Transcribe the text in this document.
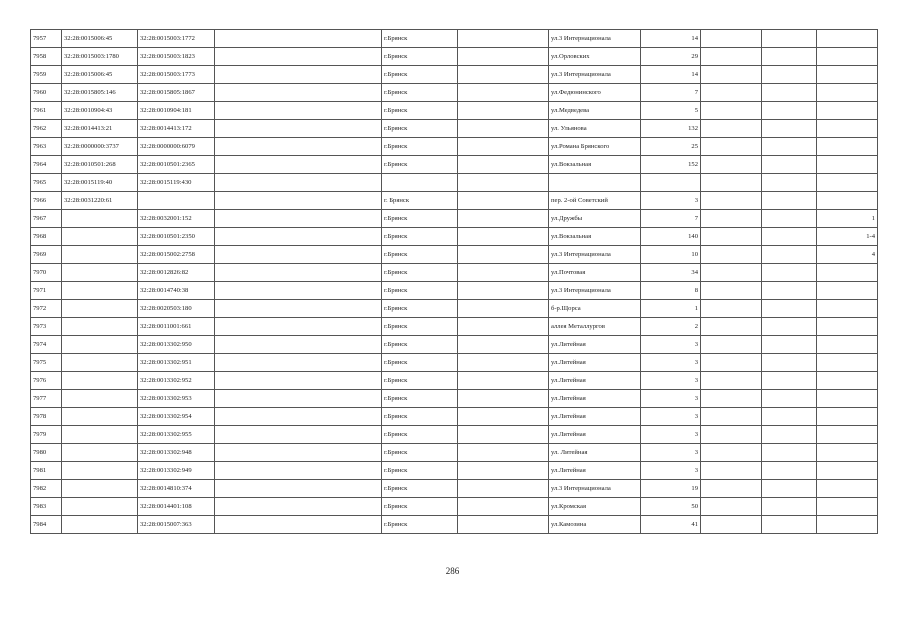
7957	32:28:0015006:45	32:28:0015003:1772		г.Брянск		ул.3 Интернационала	14			
7958	32:28:0015003:1780	32:28:0015003:1823		г.Брянск		ул.Орловских	29			
7959	32:28:0015006:45	32:28:0015003:1773		г.Брянск		ул.3 Интернационала	14			
7960	32:28:0015805:146	32:28:0015805:1867		г.Брянск		ул.Федюнинского	7			
7961	32:28:0010904:43	32:28:0010904:181		г.Брянск		ул.Медведева	5			
7962	32:28:0014413:21	32:28:0014413:172		г.Брянск		ул. Ульянова	132			
7963	32:28:0000000:3737	32:28:0000000:6079		г.Брянск		ул.Романа Брянского	25			
7964	32:28:0010501:268	32:28:0010501:2365		г.Брянск		ул.Вокзальная	152			
7965	32:28:0015119:40	32:28:0015119:430								
7966	32:28:0031220:61			г. Брянск		пер. 2-ой Советский	3			
7967		32:28:0032001:152		г.Брянск		ул.Дружбы	7			1
7968		32:28:0010501:2350		г.Брянск		ул.Вокзальная	140			1-4
7969		32:28:0015002:2758		г.Брянск		ул.3 Интернационала	10			4
7970		32:28:0012826:82		г.Брянск		ул.Почтовая	34			
7971		32:28:0014740:38		г.Брянск		ул.3 Интернационала	8			
7972		32:28:0020503:180		г.Брянск		б-р.Щорса	1			
7973		32:28:0011001:661		г.Брянск		аллея Металлургов	2			
7974		32:28:0013302:950		г.Брянск		ул.Литейная	3			
7975		32:28:0013302:951		г.Брянск		ул.Литейная	3			
7976		32:28:0013302:952		г.Брянск		ул.Литейная	3			
7977		32:28:0013302:953		г.Брянск		ул.Литейная	3			
7978		32:28:0013302:954		г.Брянск		ул.Литейная	3			
7979		32:28:0013302:955		г.Брянск		ул.Литейная	3			
7980		32:28:0013302:948		г.Брянск		ул. Литейная	3			
7981		32:28:0013302:949		г.Брянск		ул.Литейная	3			
7982		32:28:0014810:374		г.Брянск		ул.3 Интернационала	19			
7983		32:28:0014401:108		г.Брянск		ул.Кромская	50			
7984		32:28:0015007:363		г.Брянск		ул.Камозина	41			
286
